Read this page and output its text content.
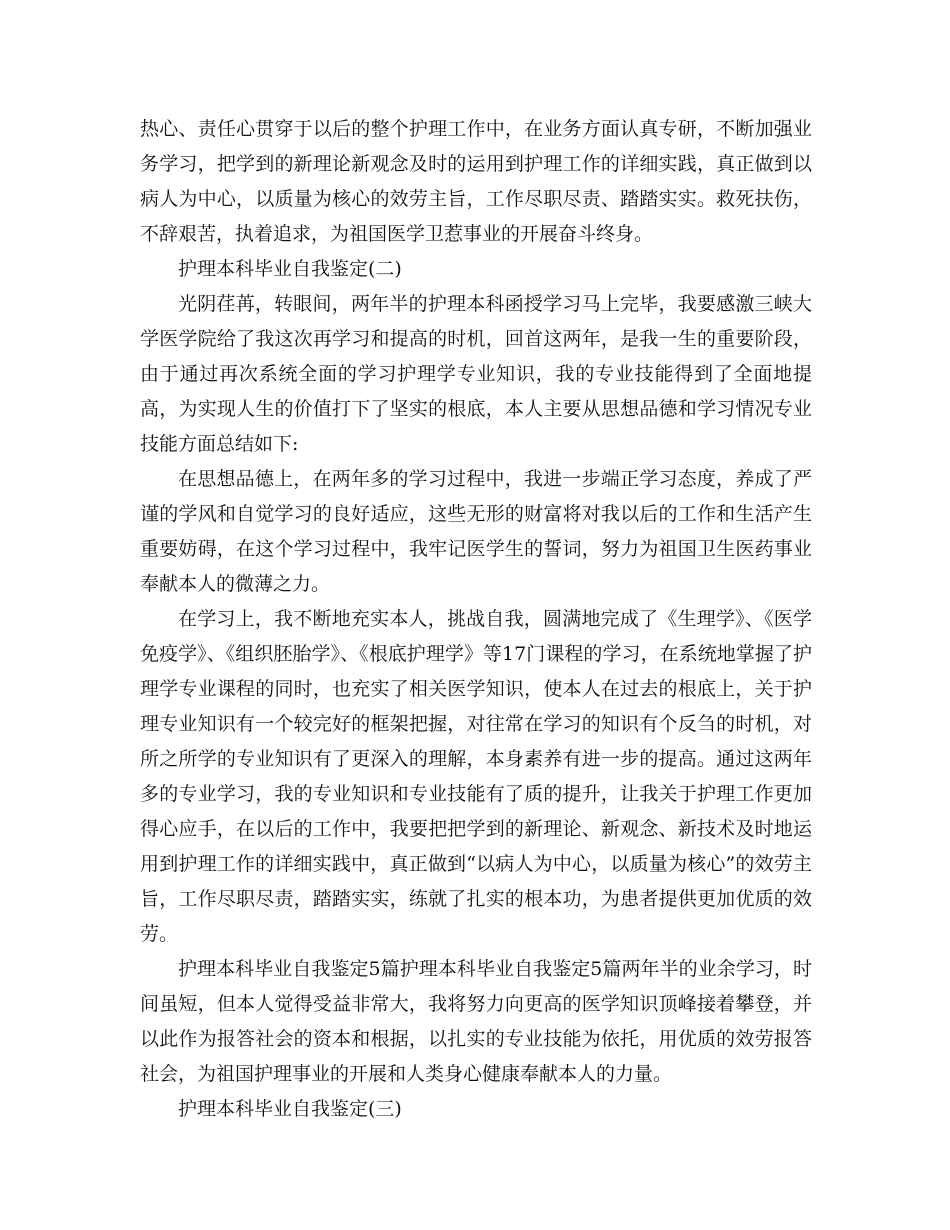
热心、责任心贯穿于以后的整个护理工作中，在业务方面认真专研，不断加强业务学习，把学到的新理论新观念及时的运用到护理工作的详细实践，真正做到以病人为中心，以质量为核心的效劳主旨，工作尽职尽责、踏踏实实。救死扶伤，不辞艰苦，执着追求，为祖国医学卫惹事业的开展奋斗终身。

护理本科毕业自我鉴定(二)

光阴荏苒，转眼间，两年半的护理本科函授学习马上完毕，我要感激三峡大学医学院给了我这次再学习和提高的时机，回首这两年，是我一生的重要阶段，由于通过再次系统全面的学习护理学专业知识，我的专业技能得到了全面地提高，为实现人生的价值打下了坚实的根底，本人主要从思想品德和学习情况专业技能方面总结如下:

在思想品德上，在两年多的学习过程中，我进一步端正学习态度，养成了严谨的学风和自觉学习的良好适应，这些无形的财富将对我以后的工作和生活产生重要妨碍，在这个学习过程中，我牢记医学生的誓词，努力为祖国卫生医药事业奉献本人的微薄之力。

在学习上，我不断地充实本人，挑战自我，圆满地完成了《生理学》、《医学免疫学》、《组织胚胎学》、《根底护理学》等17门课程的学习，在系统地掌握了护理学专业课程的同时，也充实了相关医学知识，使本人在过去的根底上，关于护理专业知识有一个较完好的框架把握，对往常在学习的知识有个反刍的时机，对所之所学的专业知识有了更深入的理解，本身素养有进一步的提高。通过这两年多的专业学习，我的专业知识和专业技能有了质的提升，让我关于护理工作更加得心应手，在以后的工作中，我要把把学到的新理论、新观念、新技术及时地运用到护理工作的详细实践中，真正做到“以病人为中心，以质量为核心”的效劳主旨，工作尽职尽责，踏踏实实，练就了扎实的根本功，为患者提供更加优质的效劳。

护理本科毕业自我鉴定5篇护理本科毕业自我鉴定5篇两年半的业余学习，时间虽短，但本人觉得受益非常大，我将努力向更高的医学知识顶峰接着攀登，并以此作为报答社会的资本和根据，以扎实的专业技能为依托，用优质的效劳报答社会，为祖国护理事业的开展和人类身心健康奉献本人的力量。

护理本科毕业自我鉴定(三)
